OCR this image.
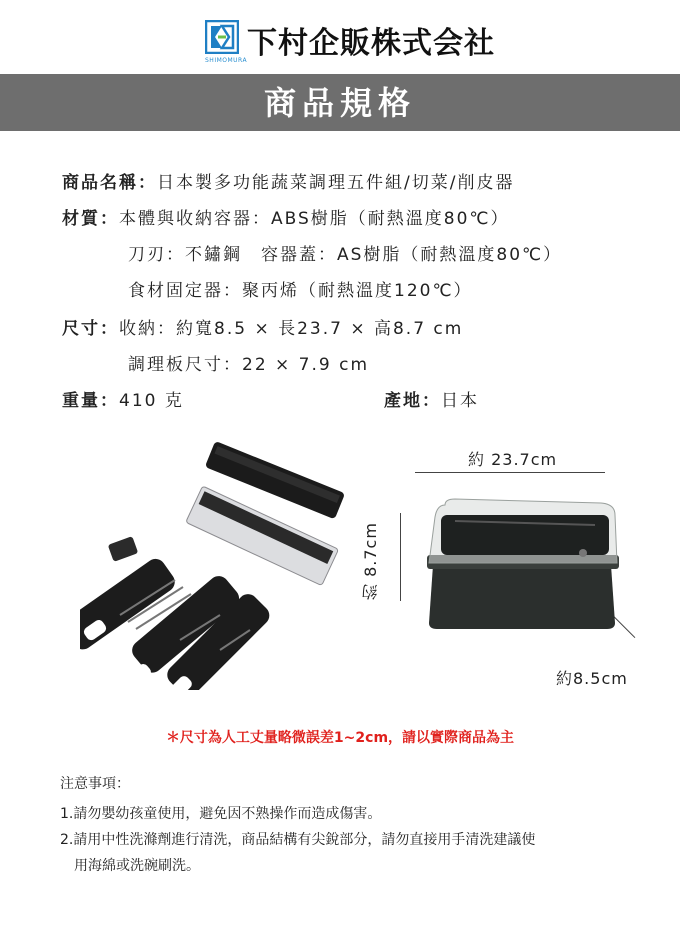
下村企販株式会社
SHIMOMURA
商品規格
商品名稱：日本製多功能蔬菜調理五件組/切菜/削皮器
材質：本體與收納容器：ABS樹脂（耐熱溫度80℃）
刀刃：不鏽鋼　容器蓋：AS樹脂（耐熱溫度80℃）
食材固定器：聚丙烯（耐熱溫度120℃）
尺寸：收納：約寬8.5 × 長23.7 × 高8.7 cm
調理板尺寸：22 × 7.9 cm
重量：410 克	產地：日本
約 23.7cm
約 8.7cm
約8.5cm
＊尺寸為人工丈量略微誤差1~2cm，請以實際商品為主
注意事項：
1.請勿嬰幼孩童使用，避免因不熟操作而造成傷害。
2.請用中性洗滌劑進行清洗，商品結構有尖銳部分，請勿直接用手清洗建議使
用海綿或洗碗刷洗。
